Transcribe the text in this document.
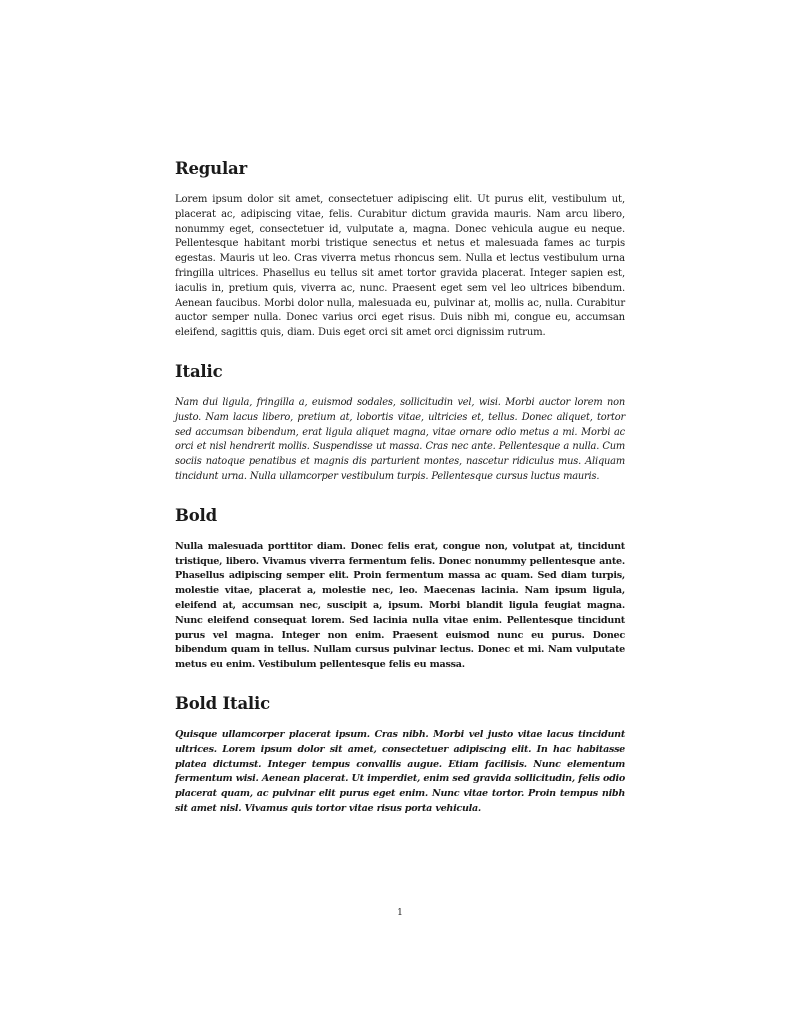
Regular

Lorem ipsum dolor sit amet, consectetuer adipiscing elit. Ut purus elit, vestibulum ut, placerat ac, adipiscing vitae, felis. Curabitur dictum gravida mauris. Nam arcu libero, nonummy eget, consectetuer id, vulputate a, magna. Donec vehicula augue eu neque. Pellentesque habitant morbi tristique senectus et netus et malesuada fames ac turpis egestas. Mauris ut leo. Cras viverra metus rhoncus sem. Nulla et lectus vestibulum urna fringilla ultrices. Phasellus eu tellus sit amet tortor gravida placerat. Integer sapien est, iaculis in, pretium quis, viverra ac, nunc. Praesent eget sem vel leo ultrices bibendum. Aenean faucibus. Morbi dolor nulla, malesuada eu, pulvinar at, mollis ac, nulla. Curabitur auctor semper nulla. Donec varius orci eget risus. Duis nibh mi, congue eu, accumsan eleifend, sagittis quis, diam. Duis eget orci sit amet orci dignissim rutrum.

Italic

Nam dui ligula, fringilla a, euismod sodales, sollicitudin vel, wisi. Morbi auctor lorem non justo. Nam lacus libero, pretium at, lobortis vitae, ultricies et, tellus. Donec aliquet, tortor sed accumsan bibendum, erat ligula aliquet magna, vitae ornare odio metus a mi. Morbi ac orci et nisl hendrerit mollis. Suspendisse ut massa. Cras nec ante. Pellentesque a nulla. Cum sociis natoque penatibus et magnis dis parturient montes, nascetur ridiculus mus. Aliquam tincidunt urna. Nulla ullamcorper vestibulum turpis. Pellentesque cursus luctus mauris.

Bold

Nulla malesuada porttitor diam. Donec felis erat, congue non, volutpat at, tincidunt tristique, libero. Vivamus viverra fermentum felis. Donec nonummy pellentesque ante. Phasellus adipiscing semper elit. Proin fermentum massa ac quam. Sed diam turpis, molestie vitae, placerat a, molestie nec, leo. Maecenas lacinia. Nam ipsum ligula, eleifend at, accumsan nec, suscipit a, ipsum. Morbi blandit ligula feugiat magna. Nunc eleifend consequat lorem. Sed lacinia nulla vitae enim. Pellentesque tincidunt purus vel magna. Integer non enim. Praesent euismod nunc eu purus. Donec bibendum quam in tellus. Nullam cursus pulvinar lectus. Donec et mi. Nam vulputate metus eu enim. Vestibulum pellentesque felis eu massa.

Bold Italic

Quisque ullamcorper placerat ipsum. Cras nibh. Morbi vel justo vitae lacus tincidunt ultrices. Lorem ipsum dolor sit amet, consectetuer adipiscing elit. In hac habitasse platea dictumst. Integer tempus convallis augue. Etiam facilisis. Nunc elementum fermentum wisi. Aenean placerat. Ut imperdiet, enim sed gravida sollicitudin, felis odio placerat quam, ac pulvinar elit purus eget enim. Nunc vitae tortor. Proin tempus nibh sit amet nisl. Vivamus quis tortor vitae risus porta vehicula.

1
